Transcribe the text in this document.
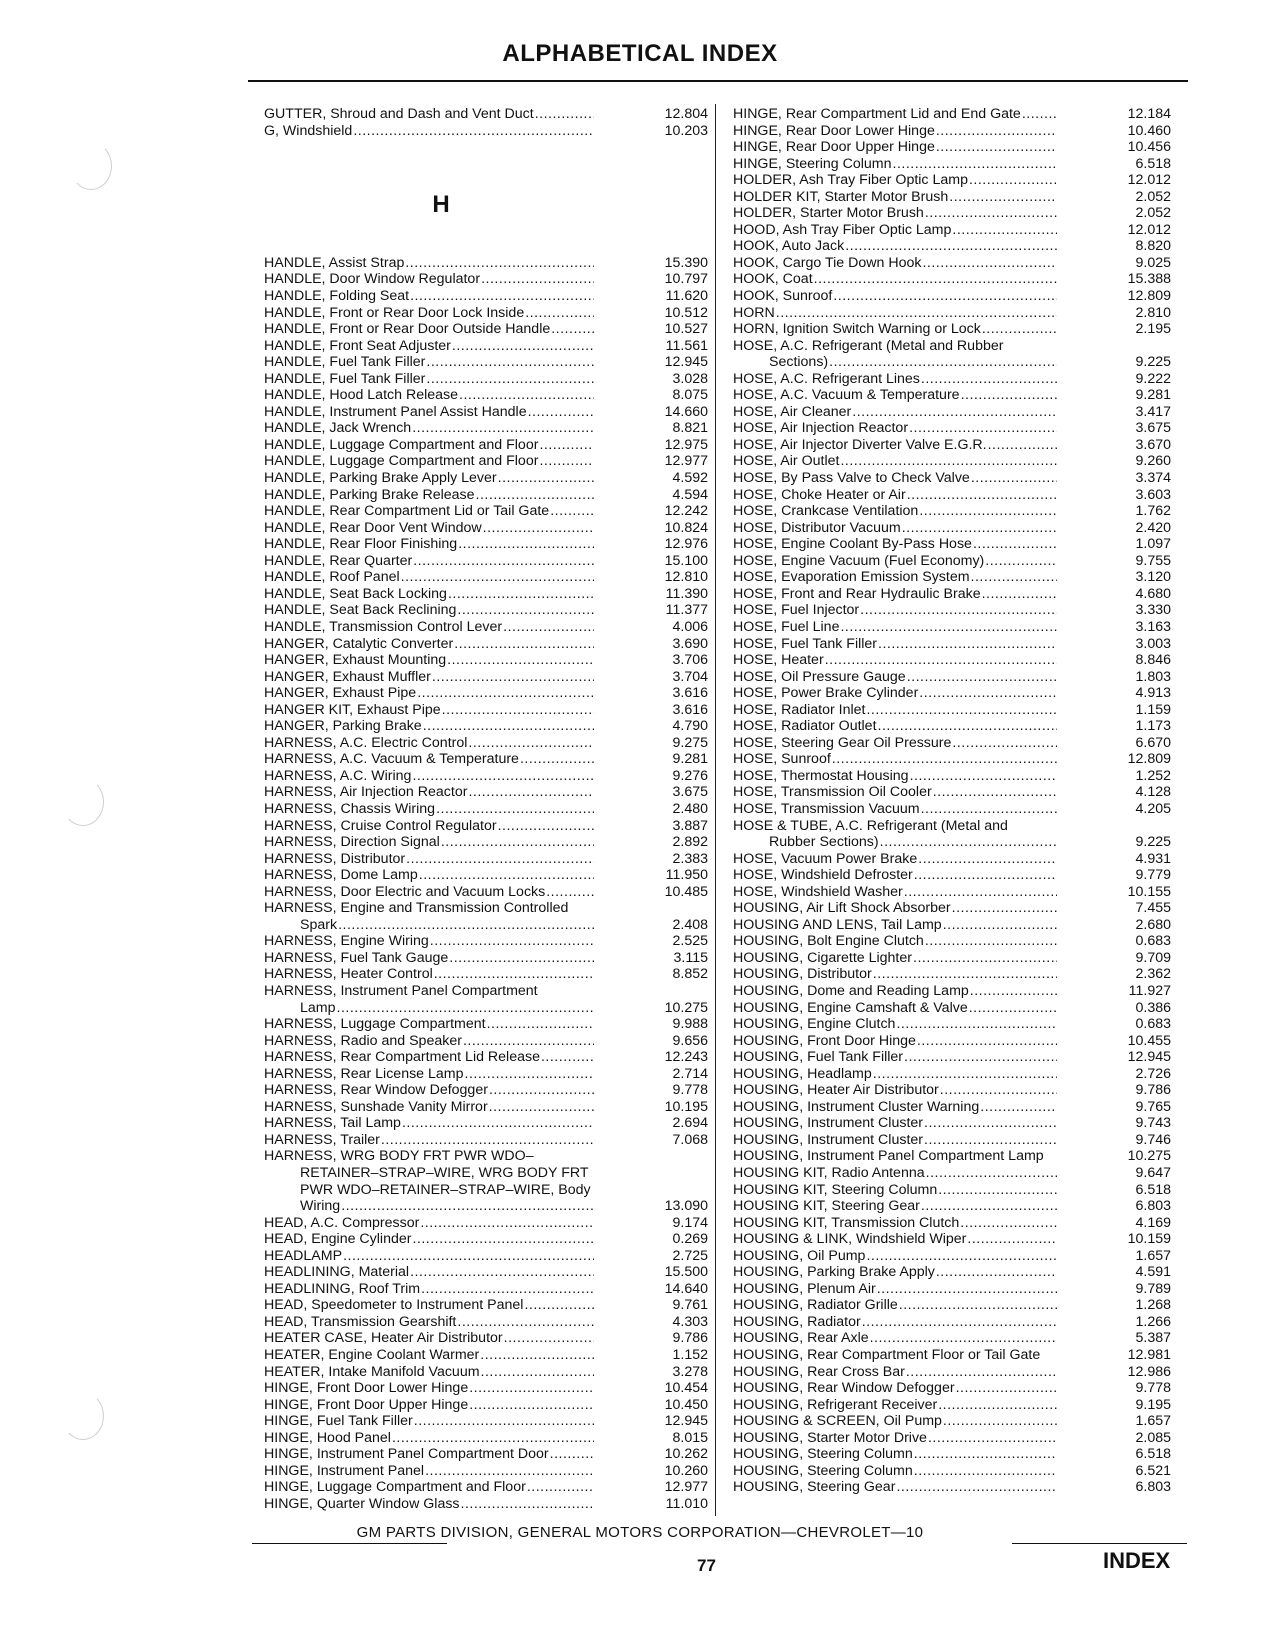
ALPHABETICAL INDEX
GUTTER, Shroud and Dash and Vent Duct .....	12.804
G, Windshield .....	10.203
H
HANDLE, Assist Strap .....	15.390
HANDLE, Door Window Regulator .....	10.797
HANDLE, Folding Seat .....	11.620
HANDLE, Front or Rear Door Lock Inside .....	10.512
HANDLE, Front or Rear Door Outside Handle .....	10.527
HANDLE, Front Seat Adjuster .....	11.561
HANDLE, Fuel Tank Filler .....	12.945
HANDLE, Fuel Tank Filler .....	3.028
HANDLE, Hood Latch Release .....	8.075
HANDLE, Instrument Panel Assist Handle .....	14.660
HANDLE, Jack Wrench .....	8.821
HANDLE, Luggage Compartment and Floor .....	12.975
HANDLE, Luggage Compartment and Floor .....	12.977
HANDLE, Parking Brake Apply Lever .....	4.592
HANDLE, Parking Brake Release .....	4.594
HANDLE, Rear Compartment Lid or Tail Gate .....	12.242
HANDLE, Rear Door Vent Window .....	10.824
HANDLE, Rear Floor Finishing .....	12.976
HANDLE, Rear Quarter .....	15.100
HANDLE, Roof Panel .....	12.810
HANDLE, Seat Back Locking .....	11.390
HANDLE, Seat Back Reclining .....	11.377
HANDLE, Transmission Control Lever .....	4.006
HANGER, Catalytic Converter .....	3.690
HANGER, Exhaust Mounting .....	3.706
HANGER, Exhaust Muffler .....	3.704
HANGER, Exhaust Pipe .....	3.616
HANGER KIT, Exhaust Pipe .....	3.616
HANGER, Parking Brake .....	4.790
HARNESS, A.C. Electric Control .....	9.275
HARNESS, A.C. Vacuum & Temperature .....	9.281
HARNESS, A.C. Wiring .....	9.276
HARNESS, Air Injection Reactor .....	3.675
HARNESS, Chassis Wiring .....	2.480
HARNESS, Cruise Control Regulator .....	3.887
HARNESS, Direction Signal .....	2.892
HARNESS, Distributor .....	2.383
HARNESS, Dome Lamp .....	11.950
HARNESS, Door Electric and Vacuum Locks .....	10.485
HARNESS, Engine and Transmission Controlled
Spark .....	2.408
HARNESS, Engine Wiring .....	2.525
HARNESS, Fuel Tank Gauge .....	3.115
HARNESS, Heater Control .....	8.852
HARNESS, Instrument Panel Compartment
Lamp .....	10.275
HARNESS, Luggage Compartment .....	9.988
HARNESS, Radio and Speaker .....	9.656
HARNESS, Rear Compartment Lid Release .....	12.243
HARNESS, Rear License Lamp .....	2.714
HARNESS, Rear Window Defogger .....	9.778
HARNESS, Sunshade Vanity Mirror .....	10.195
HARNESS, Tail Lamp .....	2.694
HARNESS, Trailer .....	7.068
HARNESS, WRG BODY FRT PWR WDO–
RETAINER–STRAP–WIRE, WRG BODY FRT
PWR WDO–RETAINER–STRAP–WIRE, Body
Wiring .....	13.090
HEAD, A.C. Compressor .....	9.174
HEAD, Engine Cylinder .....	0.269
HEADLAMP .....	2.725
HEADLINING, Material .....	15.500
HEADLINING, Roof Trim .....	14.640
HEAD, Speedometer to Instrument Panel .....	9.761
HEAD, Transmission Gearshift .....	4.303
HEATER CASE, Heater Air Distributor .....	9.786
HEATER, Engine Coolant Warmer .....	1.152
HEATER, Intake Manifold Vacuum .....	3.278
HINGE, Front Door Lower Hinge .....	10.454
HINGE, Front Door Upper Hinge .....	10.450
HINGE, Fuel Tank Filler .....	12.945
HINGE, Hood Panel .....	8.015
HINGE, Instrument Panel Compartment Door .....	10.262
HINGE, Instrument Panel .....	10.260
HINGE, Luggage Compartment and Floor .....	12.977
HINGE, Quarter Window Glass .....	11.010
HINGE, Rear Compartment Lid and End Gate .....	12.184
HINGE, Rear Door Lower Hinge .....	10.460
HINGE, Rear Door Upper Hinge .....	10.456
HINGE, Steering Column .....	6.518
HOLDER, Ash Tray Fiber Optic Lamp .....	12.012
HOLDER KIT, Starter Motor Brush .....	2.052
HOLDER, Starter Motor Brush .....	2.052
HOOD, Ash Tray Fiber Optic Lamp .....	12.012
HOOK, Auto Jack .....	8.820
HOOK, Cargo Tie Down Hook .....	9.025
HOOK, Coat .....	15.388
HOOK, Sunroof .....	12.809
HORN .....	2.810
HORN, Ignition Switch Warning or Lock .....	2.195
HOSE, A.C. Refrigerant (Metal and Rubber
Sections) .....	9.225
HOSE, A.C. Refrigerant Lines .....	9.222
HOSE, A.C. Vacuum & Temperature .....	9.281
HOSE, Air Cleaner .....	3.417
HOSE, Air Injection Reactor .....	3.675
HOSE, Air Injector Diverter Valve E.G.R. .....	3.670
HOSE, Air Outlet .....	9.260
HOSE, By Pass Valve to Check Valve .....	3.374
HOSE, Choke Heater or Air .....	3.603
HOSE, Crankcase Ventilation .....	1.762
HOSE, Distributor Vacuum .....	2.420
HOSE, Engine Coolant By-Pass Hose .....	1.097
HOSE, Engine Vacuum (Fuel Economy) .....	9.755
HOSE, Evaporation Emission System .....	3.120
HOSE, Front and Rear Hydraulic Brake .....	4.680
HOSE, Fuel Injector .....	3.330
HOSE, Fuel Line .....	3.163
HOSE, Fuel Tank Filler .....	3.003
HOSE, Heater .....	8.846
HOSE, Oil Pressure Gauge .....	1.803
HOSE, Power Brake Cylinder .....	4.913
HOSE, Radiator Inlet .....	1.159
HOSE, Radiator Outlet .....	1.173
HOSE, Steering Gear Oil Pressure .....	6.670
HOSE, Sunroof .....	12.809
HOSE, Thermostat Housing .....	1.252
HOSE, Transmission Oil Cooler .....	4.128
HOSE, Transmission Vacuum .....	4.205
HOSE & TUBE, A.C. Refrigerant (Metal and
Rubber Sections) .....	9.225
HOSE, Vacuum Power Brake .....	4.931
HOSE, Windshield Defroster .....	9.779
HOSE, Windshield Washer .....	10.155
HOUSING, Air Lift Shock Absorber .....	7.455
HOUSING AND LENS, Tail Lamp .....	2.680
HOUSING, Bolt Engine Clutch .....	0.683
HOUSING, Cigarette Lighter .....	9.709
HOUSING, Distributor .....	2.362
HOUSING, Dome and Reading Lamp .....	11.927
HOUSING, Engine Camshaft & Valve .....	0.386
HOUSING, Engine Clutch .....	0.683
HOUSING, Front Door Hinge .....	10.455
HOUSING, Fuel Tank Filler .....	12.945
HOUSING, Headlamp .....	2.726
HOUSING, Heater Air Distributor .....	9.786
HOUSING, Instrument Cluster Warning .....	9.765
HOUSING, Instrument Cluster .....	9.743
HOUSING, Instrument Cluster .....	9.746
HOUSING, Instrument Panel Compartment Lamp	10.275
HOUSING KIT, Radio Antenna .....	9.647
HOUSING KIT, Steering Column .....	6.518
HOUSING KIT, Steering Gear .....	6.803
HOUSING KIT, Transmission Clutch .....	4.169
HOUSING & LINK, Windshield Wiper .....	10.159
HOUSING, Oil Pump .....	1.657
HOUSING, Parking Brake Apply .....	4.591
HOUSING, Plenum Air .....	9.789
HOUSING, Radiator Grille .....	1.268
HOUSING, Radiator .....	1.266
HOUSING, Rear Axle .....	5.387
HOUSING, Rear Compartment Floor or Tail Gate	12.981
HOUSING, Rear Cross Bar .....	12.986
HOUSING, Rear Window Defogger .....	9.778
HOUSING, Refrigerant Receiver .....	9.195
HOUSING & SCREEN, Oil Pump .....	1.657
HOUSING, Starter Motor Drive .....	2.085
HOUSING, Steering Column .....	6.518
HOUSING, Steering Column .....	6.521
HOUSING, Steering Gear .....	6.803
GM PARTS DIVISION, GENERAL MOTORS CORPORATION—CHEVROLET—10
77	INDEX
